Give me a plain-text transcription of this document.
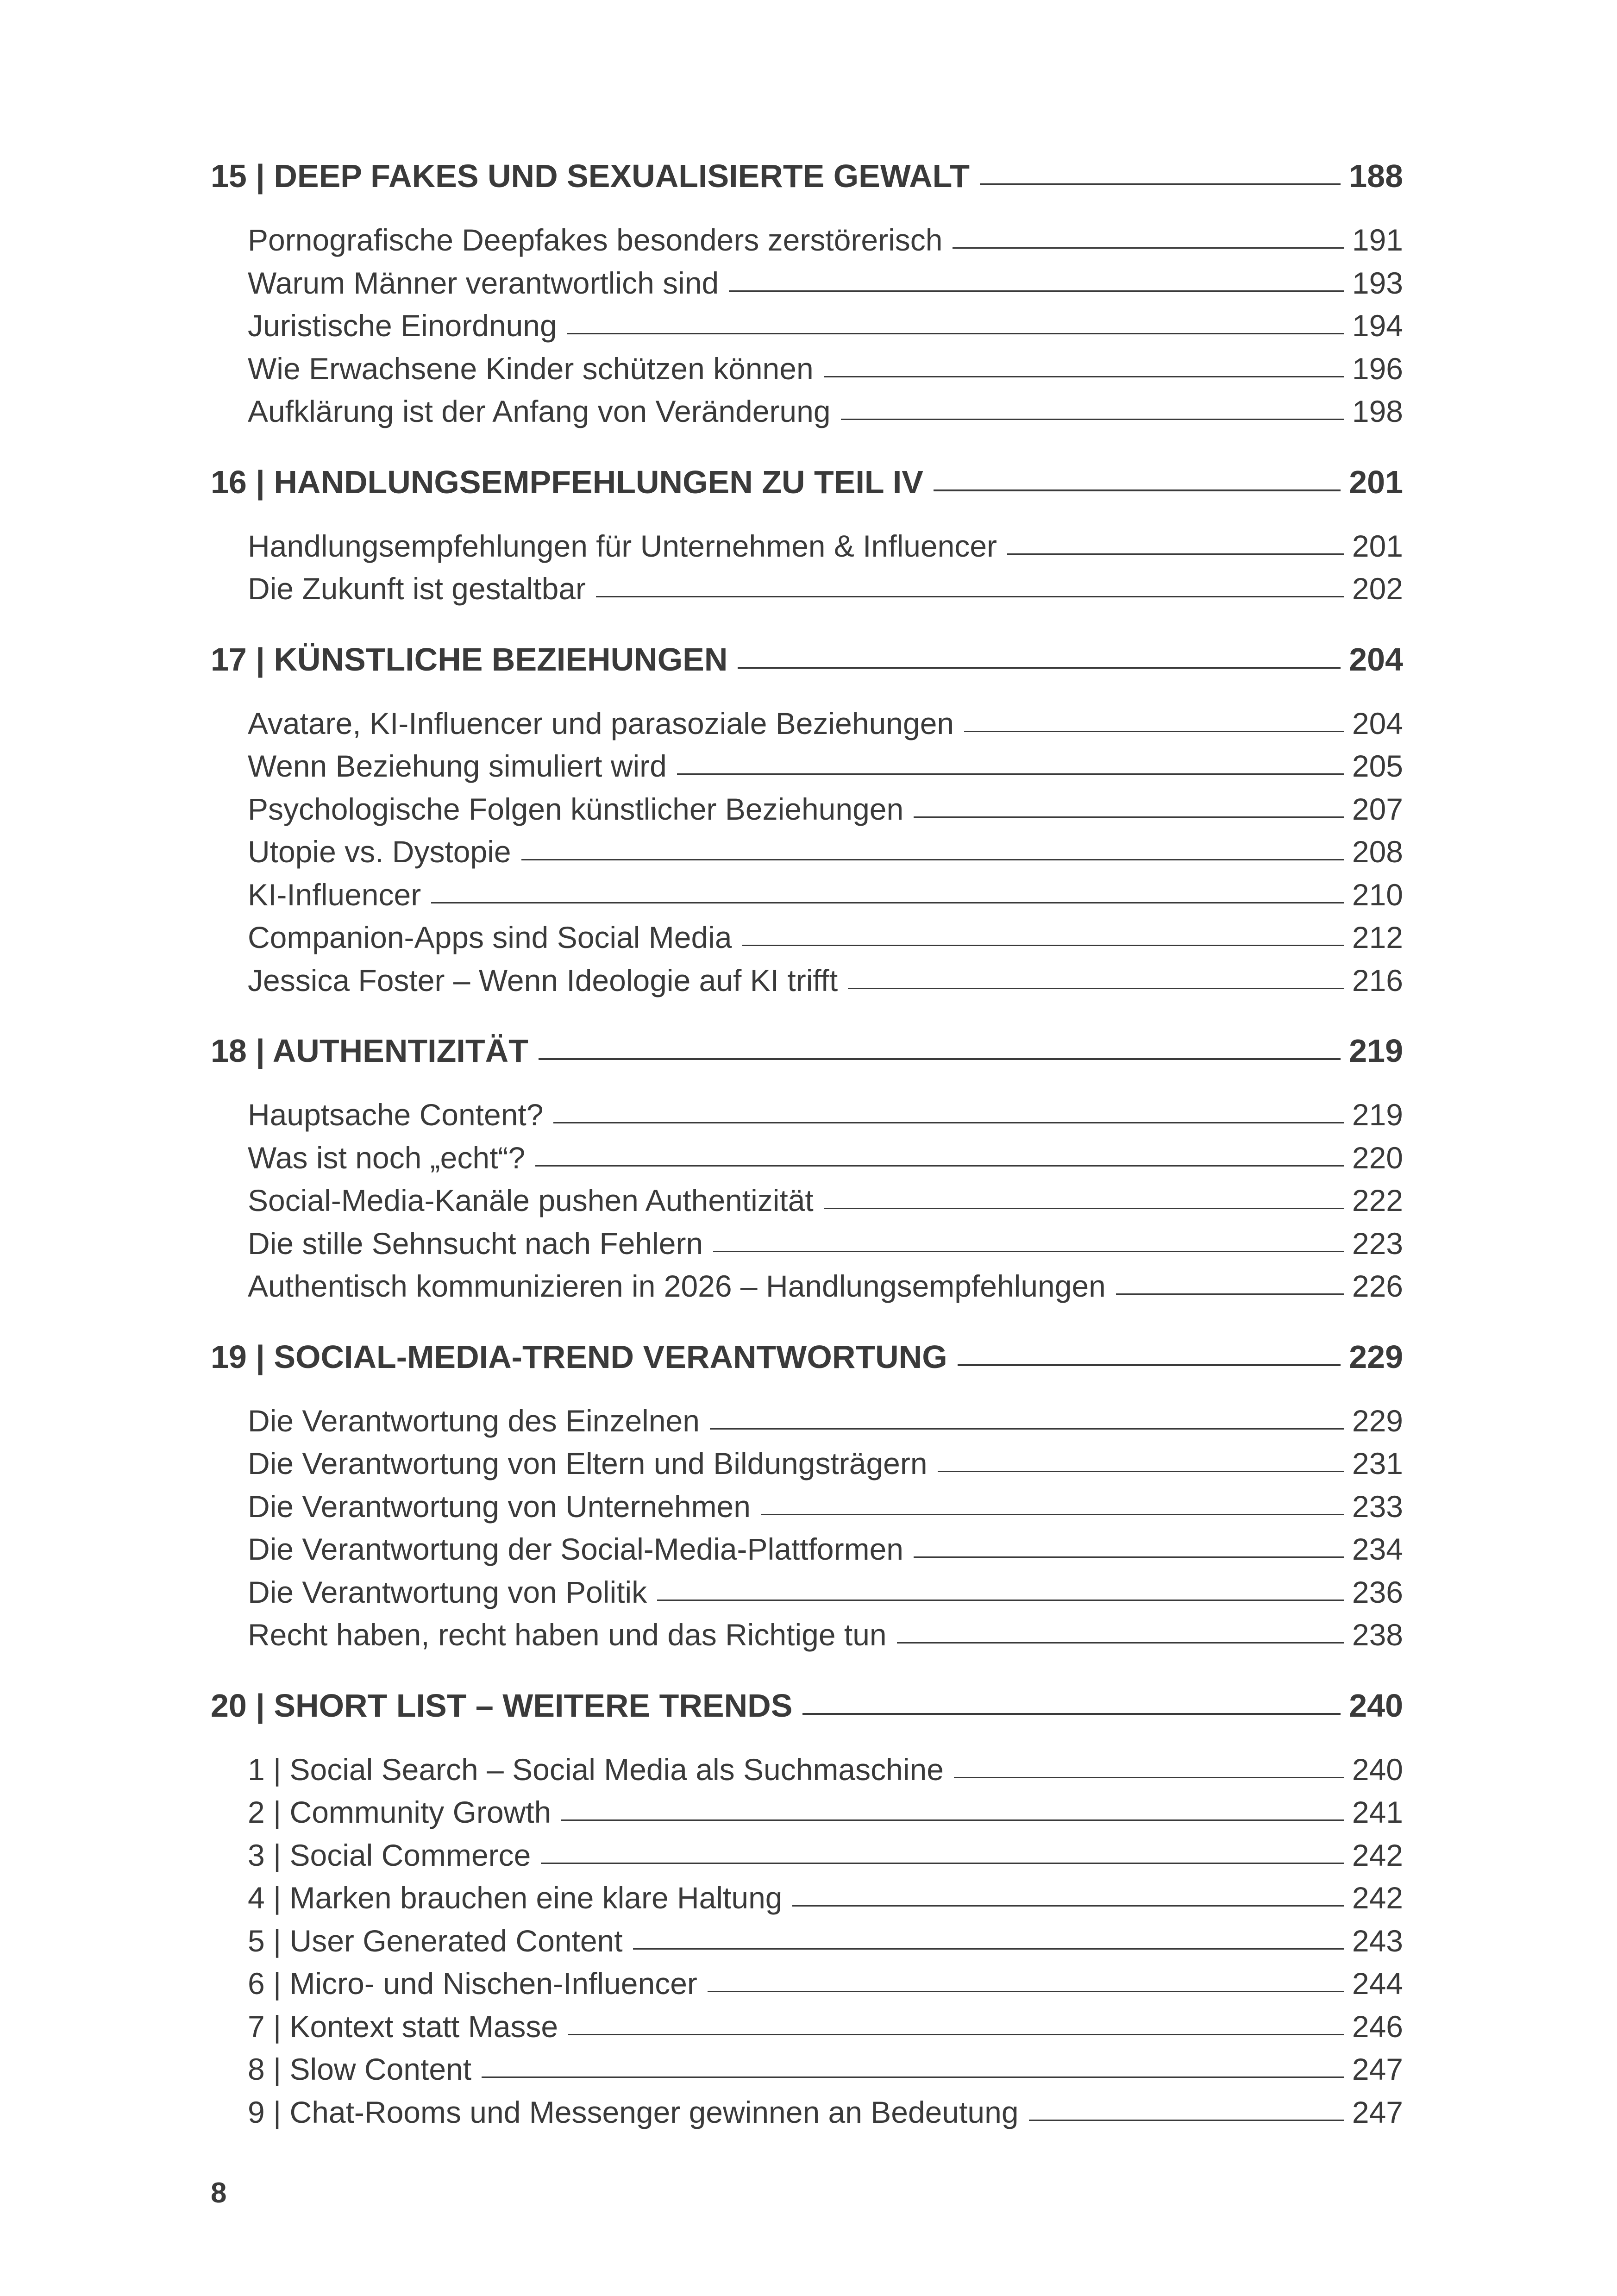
15 | DEEP FAKES UND SEXUALISIERTE GEWALT	188
Pornografische Deepfakes besonders zerstörerisch	191
Warum Männer verantwortlich sind	193
Juristische Einordnung	194
Wie Erwachsene Kinder schützen können	196
Aufklärung ist der Anfang von Veränderung	198
16 | HANDLUNGSEMPFEHLUNGEN ZU TEIL IV	201
Handlungsempfehlungen für Unternehmen & Influencer	201
Die Zukunft ist gestaltbar	202
17 | KÜNSTLICHE BEZIEHUNGEN	204
Avatare, KI-Influencer und parasoziale Beziehungen	204
Wenn Beziehung simuliert wird	205
Psychologische Folgen künstlicher Beziehungen	207
Utopie vs. Dystopie	208
KI-Influencer	210
Companion-Apps sind Social Media	212
Jessica Foster – Wenn Ideologie auf KI trifft	216
18 | AUTHENTIZITÄT	219
Hauptsache Content?	219
Was ist noch „echt“?	220
Social-Media-Kanäle pushen Authentizität	222
Die stille Sehnsucht nach Fehlern	223
Authentisch kommunizieren in 2026 – Handlungsempfehlungen	226
19 | SOCIAL-MEDIA-TREND VERANTWORTUNG	229
Die Verantwortung des Einzelnen	229
Die Verantwortung von Eltern und Bildungsträgern	231
Die Verantwortung von Unternehmen	233
Die Verantwortung der Social-Media-Plattformen	234
Die Verantwortung von Politik	236
Recht haben, recht haben und das Richtige tun	238
20 | SHORT LIST – WEITERE TRENDS	240
1 | Social Search – Social Media als Suchmaschine	240
2 | Community Growth	241
3 | Social Commerce	242
4 | Marken brauchen eine klare Haltung	242
5 | User Generated Content	243
6 | Micro- und Nischen-Influencer	244
7 | Kontext statt Masse	246
8 | Slow Content	247
9 | Chat-Rooms und Messenger gewinnen an Bedeutung	247
8
